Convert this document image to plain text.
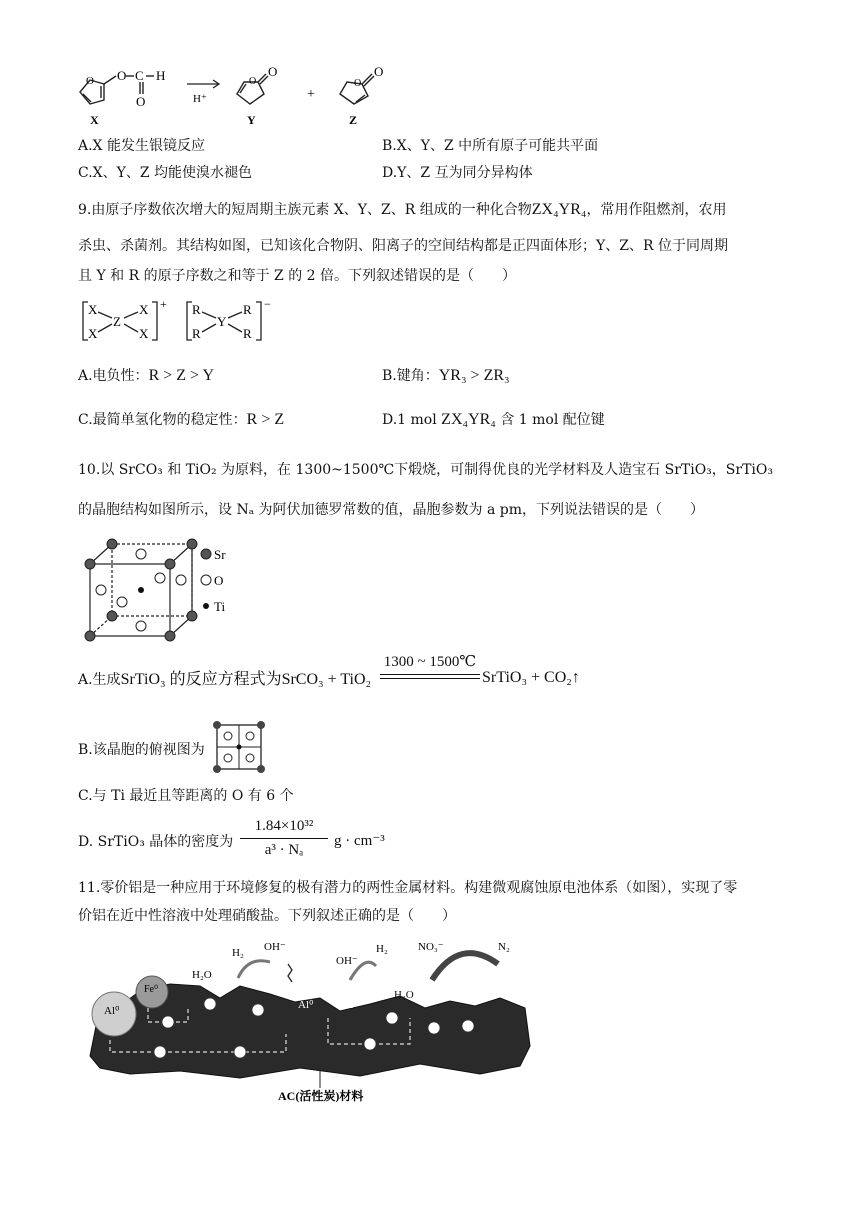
O O C H
O
X
H⁺
O
O
Y
+
O
O
Z
A.X 能发生银镜反应	B.X、Y、Z 中所有原子可能共平面
C.X、Y、Z 均能使溴水褪色	D.Y、Z 互为同分异构体
9.由原子序数依次增大的短周期主族元素 X、Y、Z、R 组成的一种化合物ZX₄YR₄，常用作阻燃剂，农用
杀虫、杀菌剂。其结构如图，已知该化合物阴、阳离子的空间结构都是正四面体形；Y、Z、R 位于同周期
且 Y 和 R 的原子序数之和等于 Z 的 2 倍。下列叙述错误的是（　　）
X
X
Z
X
X
+ R
R
Y
R
R
−
A.电负性：R > Z > Y	B.键角：YR₃ > ZR₃
C.最简单氢化物的稳定性：R > Z	D.1 mol ZX₄YR₄ 含 1 mol 配位键
10.以 SrCO₃ 和 TiO₂ 为原料，在 1300~1500℃下煅烧，可制得优良的光学材料及人造宝石 SrTiO₃，SrTiO₃
的晶胞结构如图所示，设 Nₐ 为阿伏加德罗常数的值，晶胞参数为 a pm，下列说法错误的是（　　）
Sr
O
Ti
A.生成SrTiO₃ 的反应方程式为SrCO₃ + TiO₂
1300 ~ 1500℃
SrTiO₃ + CO₂↑
B.该晶胞的俯视图为
C.与 Ti 最近且等距离的 O 有 6 个
D. SrTiO₃ 晶体的密度为
1.84×10³²
a³ · Nₐ
g · cm⁻³
11.零价铝是一种应用于环境修复的极有潜力的两性金属材料。构建微观腐蚀原电池体系（如图），实现了零
价铝在近中性溶液中处理硝酸盐。下列叙述正确的是（　　）
H₂ OH⁻
OH⁻
H₂O
H₂	NO₃⁻	N₂
H₂O
Al⁰
Fe⁰
Al⁰	Al⁰
AC(活性炭)材料
